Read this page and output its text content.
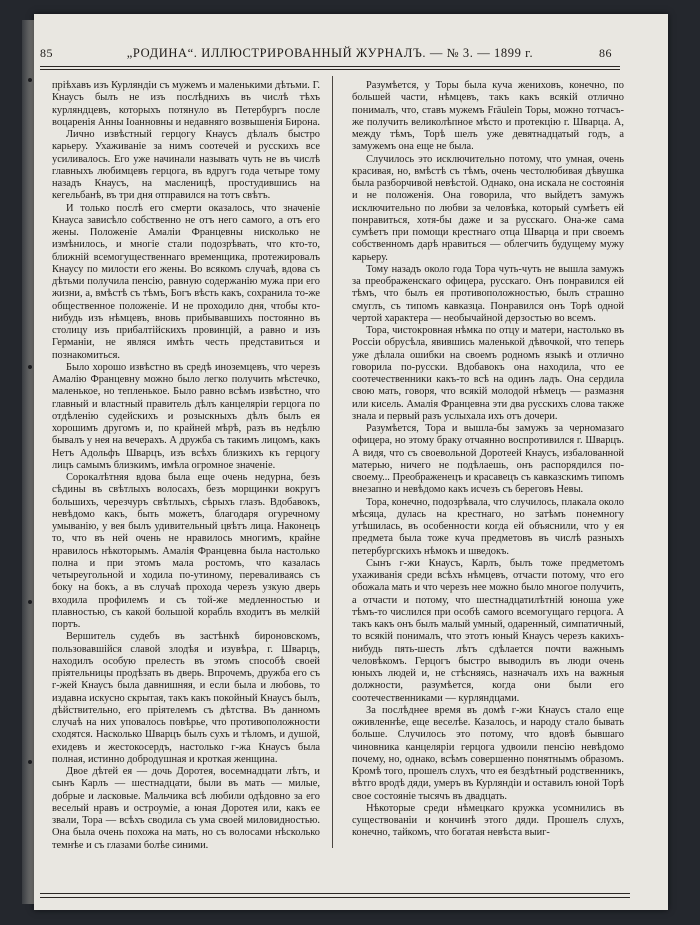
85	„РОДИНА“. ИЛЛЮСТРИРОВАННЫЙ ЖУРНАЛЪ. — № 3. — 1899 г.	86

пріѣхавъ изъ Курляндіи съ мужемъ и маленькими дѣтьми. Г. Кнаусъ былъ не изъ послѣднихъ въ числѣ тѣхъ курляндцевъ, которыхъ потянуло въ Петербургъ после воцаренія Анны Іоанновны и недавняго возвышенія Бирона.

Лично извѣстный герцогу Кнаусъ дѣлалъ быстро карьеру. Ухаживаніе за нимъ соотечей и русскихъ все усиливалось. Его уже начинали называть чуть не въ числѣ главныхъ любимцевъ герцога, въ вдругъ года четыре тому назадъ Кнаусъ, на масленицѣ, простудившись на кегельбанѣ, въ три дня отправился на тотъ свѣтъ.

И только послѣ его смерти оказалось, что значеніе Кнауса зависѣло собственно не отъ него самого, а отъ его жены. Положеніе Амаліи Францевны нисколько не измѣнилось, и многіе стали подозрѣвать, что кто-то, ближній всемогущественнаго временщика, протежировалъ Кнаусу по милости его жены. Во всякомъ случаѣ, вдова съ дѣтьми получила пенсію, равную содержанію мужа при его жизни, а, вмѣстѣ съ тѣмъ, Богъ вѣсть какъ, сохранила то-же общественное положеніе. И не проходило дня, чтобы кто-нибудь изъ нѣмцевъ, вновь прибывавшихъ постоянно въ столицу изъ прибалтійскихъ провинцій, а равно и изъ Германіи, не являся имѣть честь представиться и познакомиться.

Было хорошо извѣстно въ средѣ иноземцевъ, что черезъ Амалію Францевну можно было легко получить мѣстечко, маленькое, но тепленькое. Было равно всѣмъ извѣстно, что главный и властный правитель дѣлъ канцеляріи герцога по отдѣленію судейскихъ и розыскныхъ дѣлъ былъ ея хорошимъ другомъ и, по крайней мѣрѣ, разъ въ недѣлю бывалъ у нея на вечерахъ. А дружба съ такимъ лицомъ, какъ Нетъ Адольфъ Шварцъ, изъ всѣхъ близкихъ къ герцогу лицъ самымъ близкимъ, имѣла огромное значеніе.

Сорокалѣтняя вдова была еще очень недурна, безъ сѣдины въ свѣтлыхъ волосахъ, безъ морщинки вокругъ большихъ, черезчуръ свѣтлыхъ, сѣрыхъ глазъ. Вдобавокъ, невѣдомо какъ, быть можетъ, благодаря огуречному умыванію, у вея былъ удивительный цвѣтъ лица. Наконецъ то, что въ ней очень не нравилось многимъ, крайне нравилось нѣкоторымъ. Амалія Францевна была настолько полна и при этомъ мала ростомъ, что казалась четыреугольной и ходила по-утиному, переваливаясь съ боку на бокъ, а въ случаѣ прохода черезъ узкую дверь входила профилемъ и съ той-же медленностью и плавностью, съ какой большой корабль входитъ въ мелкій портъ.

Вершитель судебъ въ застѣнкѣ бироновскомъ, пользовавшійся славой злодѣя и изувѣра, г. Шварцъ, находилъ особую прелесть въ этомъ способѣ своей пріятельницы продѣзать въ дверь. Впрочемъ, дружба его съ г-жей Кнаусъ была давнишняя, и если была и любовь, то издавна искусно скрытая, такъ какъ покойный Кнаусъ былъ, дѣйствительно, его пріятелемъ съ дѣтства. Въ данномъ случаѣ на них уповалось повѣрье, что противоположности сходятся. Насколько Шварцъ былъ сухъ и тѣломъ, и душой, ехидевъ и жестокосердъ, настолько г-жа Кнаусъ была полная, истинно добродушная и кроткая женщина.

Двое дѣтей ея — дочь Доротея, восемнадцати лѣтъ, и сынъ Карлъ — шестнадцати, были въ мать — милые, добрые и ласковые. Мальчика всѣ любили одѣдовно за его веселый нравъ и остроуміе, а юная Доротея или, какъ ее звали, Тора — всѣхъ сводила съ ума своей миловидностью. Она была очень похожа на мать, но съ волосами нѣсколько темнѣе и съ глазами болѣе синими.

Разумѣется, у Торы была куча жениховъ, конечно, по большей части, нѣмцевъ, такъ какъ всякій отлично понималъ, что, ставъ мужемъ Fräulein Торы, можно тотчасъ-же получить великолѣпное мѣсто и протекцію г. Шварца. А, между тѣмъ, Торѣ шелъ уже девятнадцатый годъ, а замужемъ она еще не была.

Случилось это исключительно потому, что умная, очень красивая, но, вмѣстѣ съ тѣмъ, очень честолюбивая дѣвушка была разборчивой невѣстой. Однако, она искала не состоянія и не положенія. Она говорила, что выйдетъ замужъ исключительно по любви за человѣка, который сумѣетъ ей понравиться, хотя-бы даже и за русскаго. Она-же сама сумѣетъ при помощи крестнаго отца Шварца и при своемъ собственномъ дарѣ нравиться — облегчить будущему мужу карьеру.

Тому назадъ около года Тора чуть-чуть не вышла замужъ за преображенскаго офицера, русскаго. Онъ понравился ей тѣмъ, что былъ ея противоположностью, былъ страшно смуглъ, съ типомъ кавказца. Понравился онъ Торѣ одной чертой характера — необычайной дерзостью во всемъ.

Тора, чистокровная нѣмка по отцу и матери, настолько въ Россіи обрусѣла, явившись маленькой дѣвочкой, что теперь уже дѣлала ошибки на своемъ родномъ языкѣ и отлично говорила по-русски. Вдобавокъ она находила, что ее соотечественники какъ-то всѣ на одинъ ладъ. Она сердила свою мать, говоря, что всякій молодой нѣмецъ — размазня или кисель. Амалія Францевна эти два русскихъ слова также знала и первый разъ услыхала ихъ отъ дочери.

Разумѣется, Тора и вышла-бы замужъ за черномазаго офицера, но этому браку отчаянно воспротивился г. Шварцъ. А видя, что съ своевольной Доротеей Кнаусъ, избалованной матерью, ничего не подѣлаешь, онъ распорядился по-своему... Преображенецъ и красавецъ съ кавказскимъ типомъ внезапно и невѣдомо какъ исчезъ съ береговъ Невы.

Тора, конечно, подозрѣвала, что случилось, плакала около мѣсяца, дулась на крестнаго, но затѣмъ понемногу утѣшилась, въ особенности когда ей объяснили, что у ея предмета была тоже куча предметовъ въ числѣ разныхъ петербургскихъ нѣмокъ и шведокъ.

Сынъ г-жи Кнаусъ, Карлъ, былъ тоже предметомъ ухаживанія среди всѣхъ нѣмцевъ, отчасти потому, что его обожала мать и что черезъ нее можно было многое получить, а отчасти и потому, что шестнадцатилѣтній юноша уже тѣмъ-то числился при особѣ самого всемогущаго герцога. А такъ какъ онъ былъ малый умный, одаренный, симпатичный, то всякій понималъ, что этотъ юный Кнаусъ черезъ какихъ-нибудь пять-шесть лѣтъ сдѣлается почти важнымъ человѣкомъ. Герцогъ быстро выводилъ въ люди очень юныхъ людей и, не стѣсняясь, назначалъ ихъ на важныя должности, разумѣется, когда они были его соотечественниками — курляндцами.

За послѣднее время въ домѣ г-жи Кнаусъ стало еще оживленнѣе, еще веселѣе. Казалось, и народу стало бывать больше. Случилось это потому, что вдовѣ бывшаго чиновника канцеляріи герцога удвоили пенсію невѣдомо почему, но, однако, всѣмъ совершенно понятнымъ образомъ. Кромѣ того, прошелъ слухъ, что ея бездѣтный родственникъ, вѣтго вродѣ дяди, умеръ въ Курляндіи и оставилъ юной Торѣ свое состояніе тысячъ въ двадцать.

Нѣкоторые среди нѣмецкаго кружка усомнились въ существованіи и кончинѣ этого дяди. Прошелъ слухъ, конечно, тайкомъ, что богатая невѣста выиг-
